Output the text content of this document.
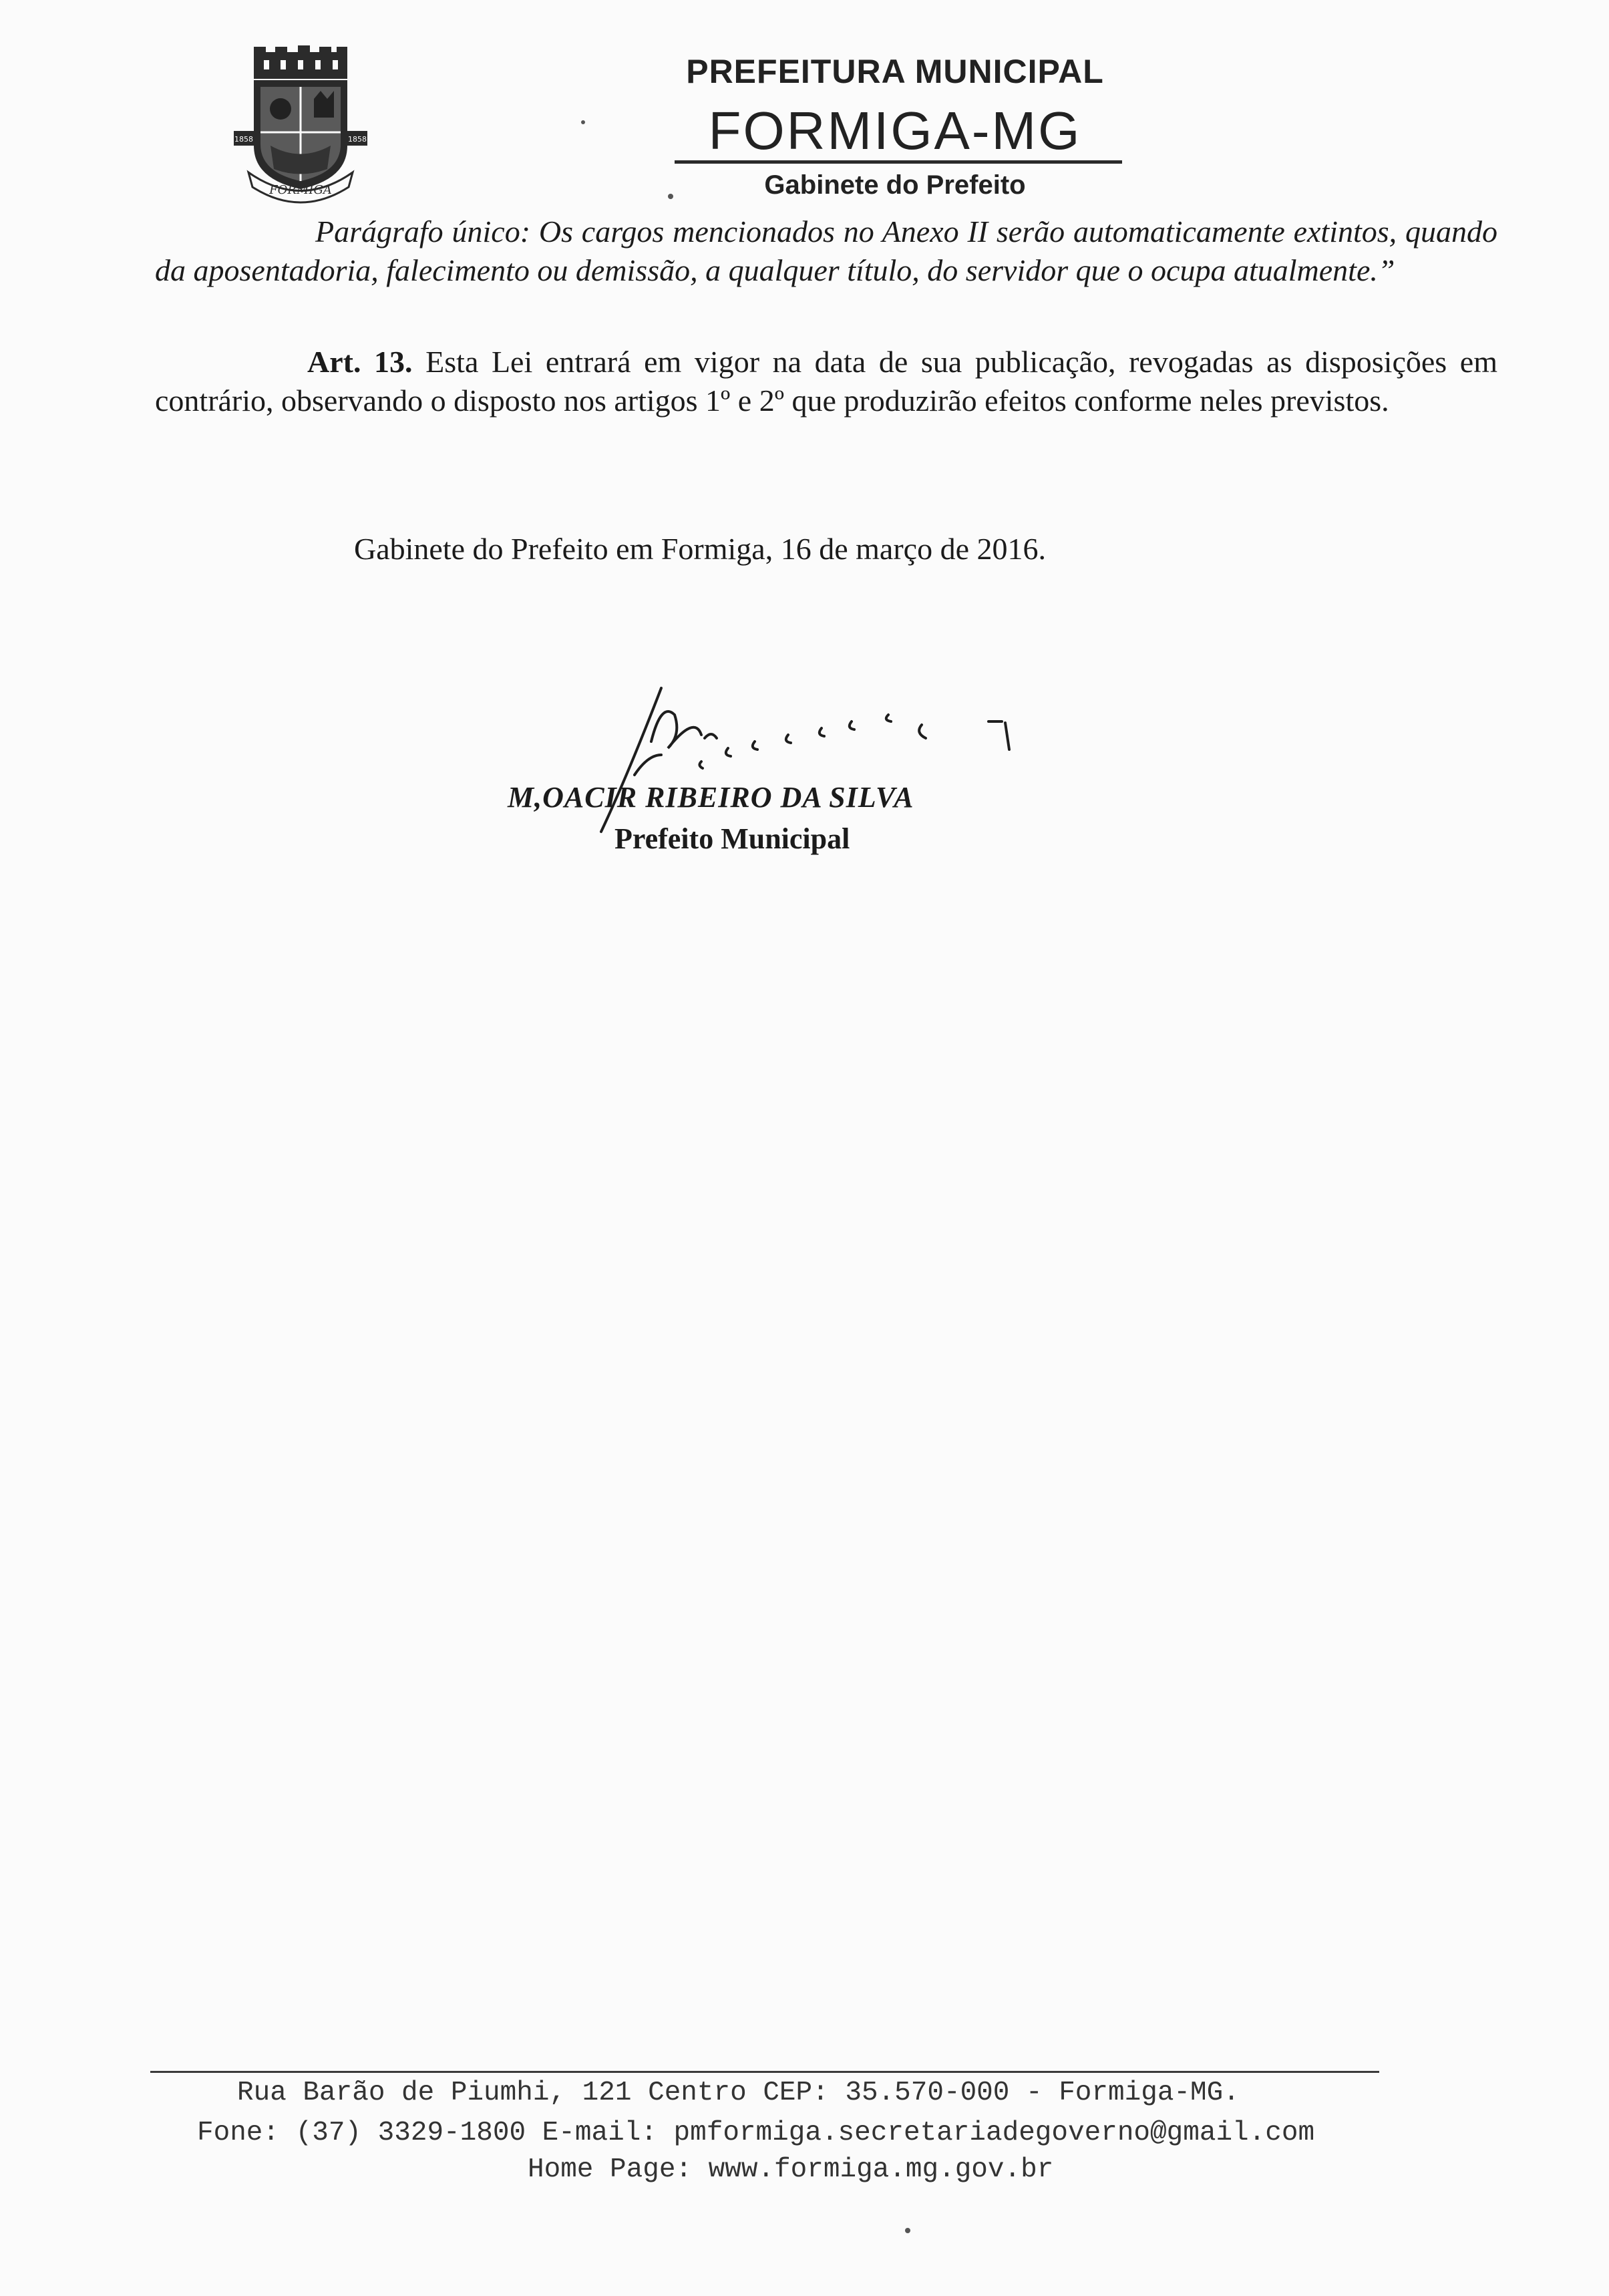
1858	1858
FORMIGA
PREFEITURA MUNICIPAL
FORMIGA-MG
Gabinete do Prefeito
Parágrafo único: Os cargos mencionados no Anexo II serão automaticamente extintos, quando da aposentadoria, falecimento ou demissão, a qualquer título, do servidor que o ocupa atualmente.”
Art. 13. Esta Lei entrará em vigor na data de sua publicação, revogadas as disposições em contrário, observando o disposto nos artigos 1º e 2º que produzirão efeitos conforme neles previstos.
Gabinete do Prefeito em Formiga, 16 de março de 2016.
M,OACIR RIBEIRO DA SILVA
Prefeito Municipal
Rua Barão de Piumhi, 121 Centro CEP: 35.570-000 - Formiga-MG.
Fone: (37) 3329-1800 E-mail: pmformiga.secretariadegoverno@gmail.com
Home Page: www.formiga.mg.gov.br
